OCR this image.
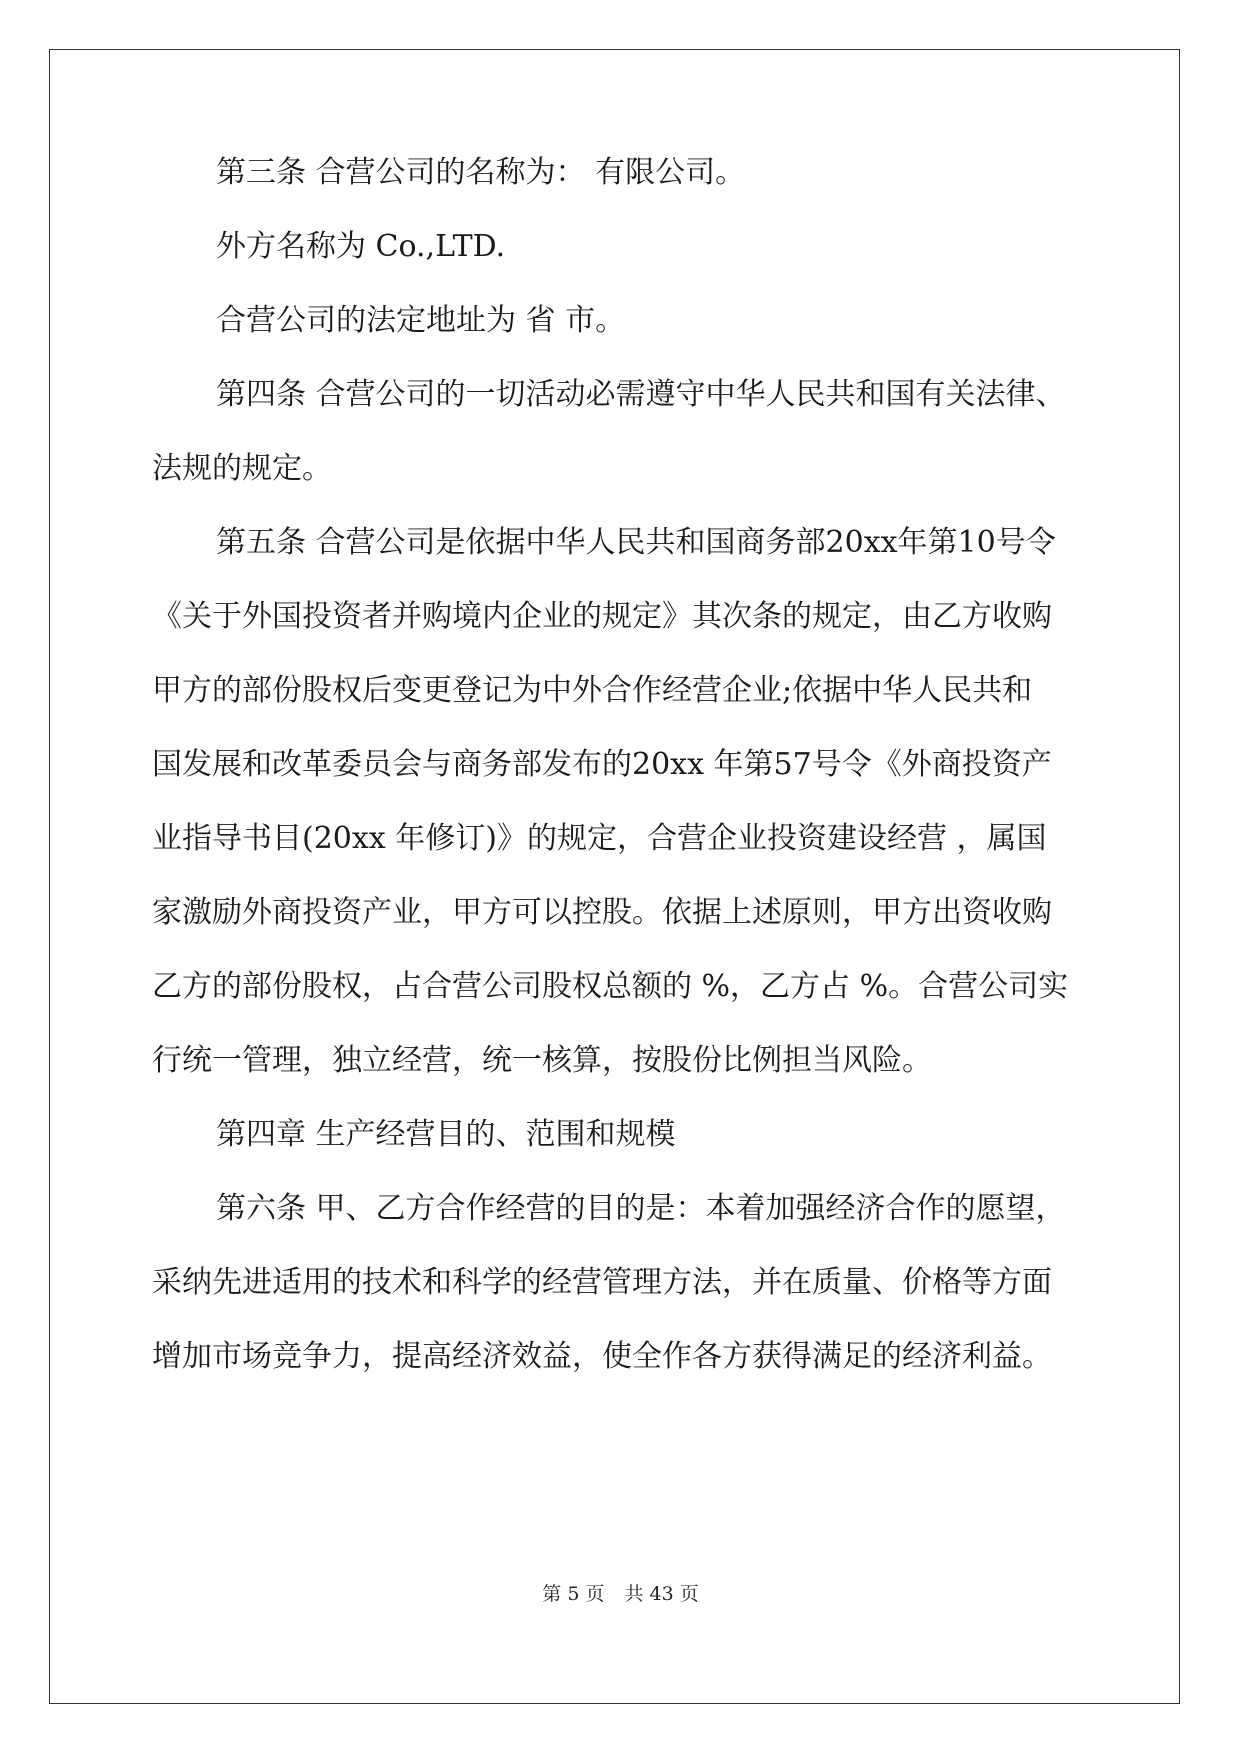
第三条 合营公司的名称为： 有限公司。
外方名称为 Co.,LTD.
合营公司的法定地址为 省 市。
第四条 合营公司的一切活动必需遵守中华人民共和国有关法律、
法规的规定。
第五条 合营公司是依据中华人民共和国商务部20xx年第10号令
《关于外国投资者并购境内企业的规定》其次条的规定，由乙方收购
甲方的部份股权后变更登记为中外合作经营企业;依据中华人民共和
国发展和改革委员会与商务部发布的20xx 年第57号令《外商投资产
业指导书目(20xx 年修订)》的规定，合营企业投资建设经营 ，属国
家激励外商投资产业，甲方可以控股。依据上述原则，甲方出资收购
乙方的部份股权，占合营公司股权总额的 %，乙方占 %。合营公司实
行统一管理，独立经营，统一核算，按股份比例担当风险。
第四章 生产经营目的、范围和规模
第六条 甲、乙方合作经营的目的是：本着加强经济合作的愿望，
采纳先进适用的技术和科学的经营管理方法，并在质量、价格等方面
增加市场竞争力，提高经济效益，使全作各方获得满足的经济利益。
第 5 页 共 43 页
